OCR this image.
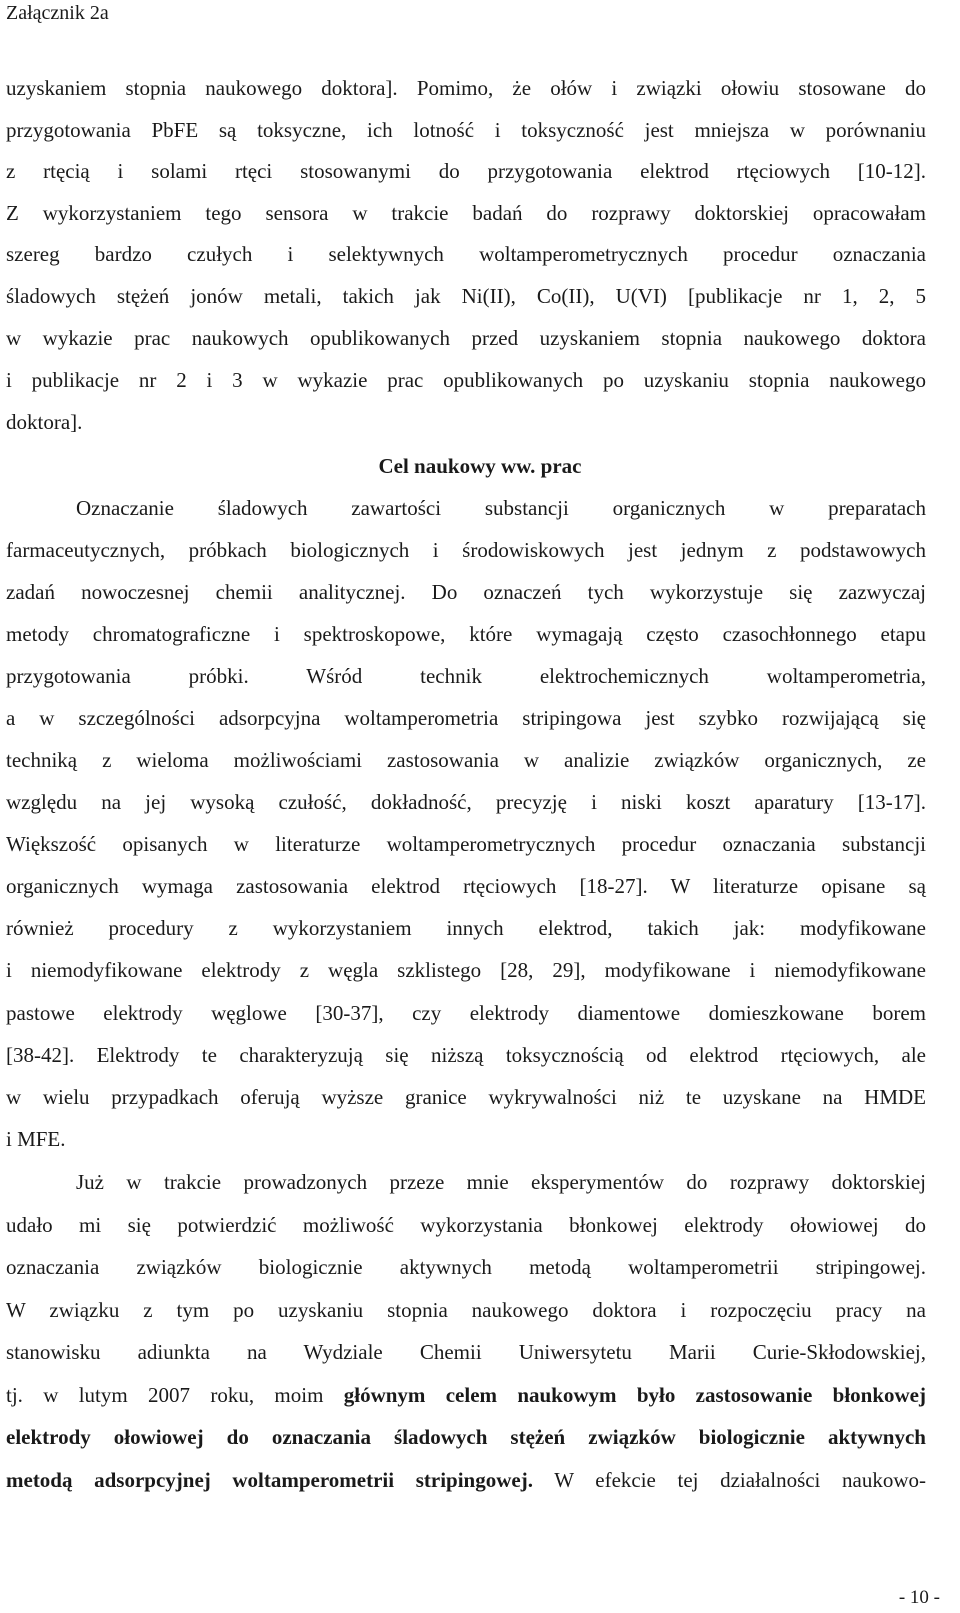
Załącznik 2a
uzyskaniem stopnia naukowego doktora]. Pomimo, że ołów i związki ołowiu stosowane do
przygotowania PbFE są toksyczne, ich lotność i toksyczność jest mniejsza w porównaniu
z rtęcią i solami rtęci stosowanymi do przygotowania elektrod rtęciowych [10-12].
Z wykorzystaniem tego sensora w trakcie badań do rozprawy doktorskiej opracowałam
szereg bardzo czułych i selektywnych woltamperometrycznych procedur oznaczania
śladowych stężeń jonów metali, takich jak Ni(II), Co(II), U(VI) [publikacje nr 1, 2, 5
w wykazie prac naukowych opublikowanych przed uzyskaniem stopnia naukowego doktora
i publikacje nr 2 i 3 w wykazie prac opublikowanych po uzyskaniu stopnia naukowego
doktora].
Cel naukowy ww. prac
Oznaczanie śladowych zawartości substancji organicznych w preparatach
farmaceutycznych, próbkach biologicznych i środowiskowych jest jednym z podstawowych
zadań nowoczesnej chemii analitycznej. Do oznaczeń tych wykorzystuje się zazwyczaj
metody chromatograficzne i spektroskopowe, które wymagają często czasochłonnego etapu
przygotowania próbki. Wśród technik elektrochemicznych woltamperometria,
a w szczególności adsorpcyjna woltamperometria stripingowa jest szybko rozwijającą się
techniką z wieloma możliwościami zastosowania w analizie związków organicznych, ze
względu na jej wysoką czułość, dokładność, precyzję i niski koszt aparatury [13-17].
Większość opisanych w literaturze woltamperometrycznych procedur oznaczania substancji
organicznych wymaga zastosowania elektrod rtęciowych [18-27]. W literaturze opisane są
również procedury z wykorzystaniem innych elektrod, takich jak: modyfikowane
i niemodyfikowane elektrody z węgla szklistego [28, 29], modyfikowane i niemodyfikowane
pastowe elektrody węglowe [30-37], czy elektrody diamentowe domieszkowane borem
[38-42]. Elektrody te charakteryzują się niższą toksycznością od elektrod rtęciowych, ale
w wielu przypadkach oferują wyższe granice wykrywalności niż te uzyskane na HMDE
i MFE.
Już w trakcie prowadzonych przeze mnie eksperymentów do rozprawy doktorskiej
udało mi się potwierdzić możliwość wykorzystania błonkowej elektrody ołowiowej do
oznaczania związków biologicznie aktywnych metodą woltamperometrii stripingowej.
W związku z tym po uzyskaniu stopnia naukowego doktora i rozpoczęciu pracy na
stanowisku adiunkta na Wydziale Chemii Uniwersytetu Marii Curie-Skłodowskiej,
tj. w lutym 2007 roku, moim głównym celem naukowym było zastosowanie błonkowej
elektrody ołowiowej do oznaczania śladowych stężeń związków biologicznie aktywnych
metodą adsorpcyjnej woltamperometrii stripingowej. W efekcie tej działalności naukowo-
- 10 -
